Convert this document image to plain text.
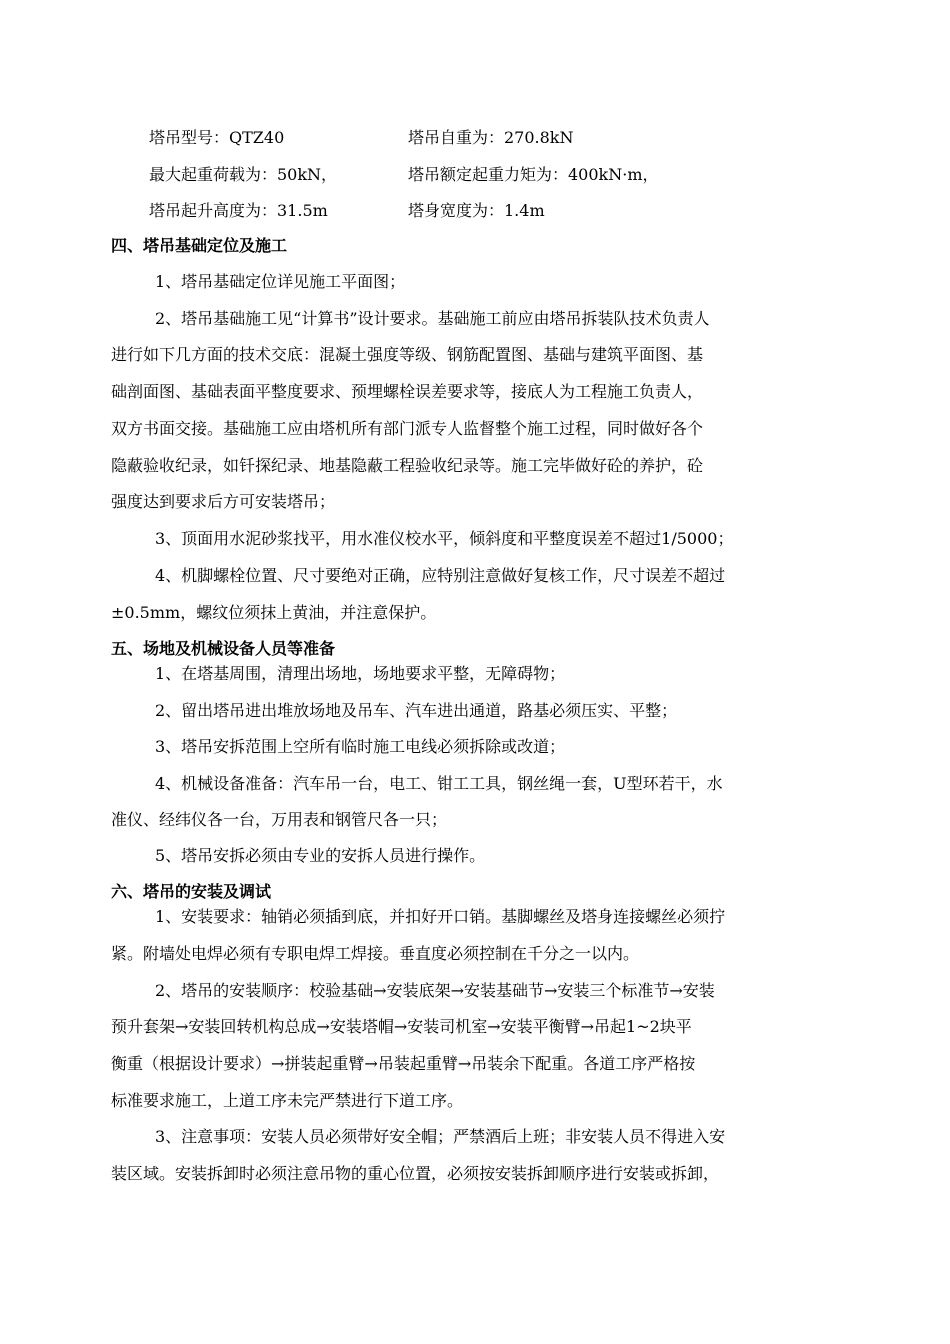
塔吊型号：QTZ40	塔吊自重为：270.8kN
最大起重荷载为：50kN，	塔吊额定起重力矩为：400kN·m，
塔吊起升高度为：31.5m	塔身宽度为：1.4m
四、塔吊基础定位及施工
1、塔吊基础定位详见施工平面图；
2、塔吊基础施工见“计算书”设计要求。基础施工前应由塔吊拆装队技术负责人
进行如下几方面的技术交底：混凝土强度等级、钢筋配置图、基础与建筑平面图、基
础剖面图、基础表面平整度要求、预埋螺栓误差要求等，接底人为工程施工负责人，
双方书面交接。基础施工应由塔机所有部门派专人监督整个施工过程，同时做好各个
隐蔽验收纪录，如钎探纪录、地基隐蔽工程验收纪录等。施工完毕做好砼的养护，砼
强度达到要求后方可安装塔吊；
3、顶面用水泥砂浆找平，用水准仪校水平，倾斜度和平整度误差不超过1/5000；
4、机脚螺栓位置、尺寸要绝对正确，应特别注意做好复核工作，尺寸误差不超过
±0.5mm，螺纹位须抹上黄油，并注意保护。
五、场地及机械设备人员等准备
1、在塔基周围，清理出场地，场地要求平整，无障碍物；
2、留出塔吊进出堆放场地及吊车、汽车进出通道，路基必须压实、平整；
3、塔吊安拆范围上空所有临时施工电线必须拆除或改道；
4、机械设备准备：汽车吊一台，电工、钳工工具，钢丝绳一套，U型环若干，水
准仪、经纬仪各一台，万用表和钢管尺各一只；
5、塔吊安拆必须由专业的安拆人员进行操作。
六、塔吊的安装及调试
1、安装要求：轴销必须插到底，并扣好开口销。基脚螺丝及塔身连接螺丝必须拧
紧。附墙处电焊必须有专职电焊工焊接。垂直度必须控制在千分之一以内。
2、塔吊的安装顺序：校验基础→安装底架→安装基础节→安装三个标准节→安装
预升套架→安装回转机构总成→安装塔帽→安装司机室→安装平衡臂→吊起1~2块平
衡重（根据设计要求）→拼装起重臂→吊装起重臂→吊装余下配重。各道工序严格按
标准要求施工，上道工序未完严禁进行下道工序。
3、注意事项：安装人员必须带好安全帽；严禁酒后上班；非安装人员不得进入安
装区域。安装拆卸时必须注意吊物的重心位置，必须按安装拆卸顺序进行安装或拆卸，
